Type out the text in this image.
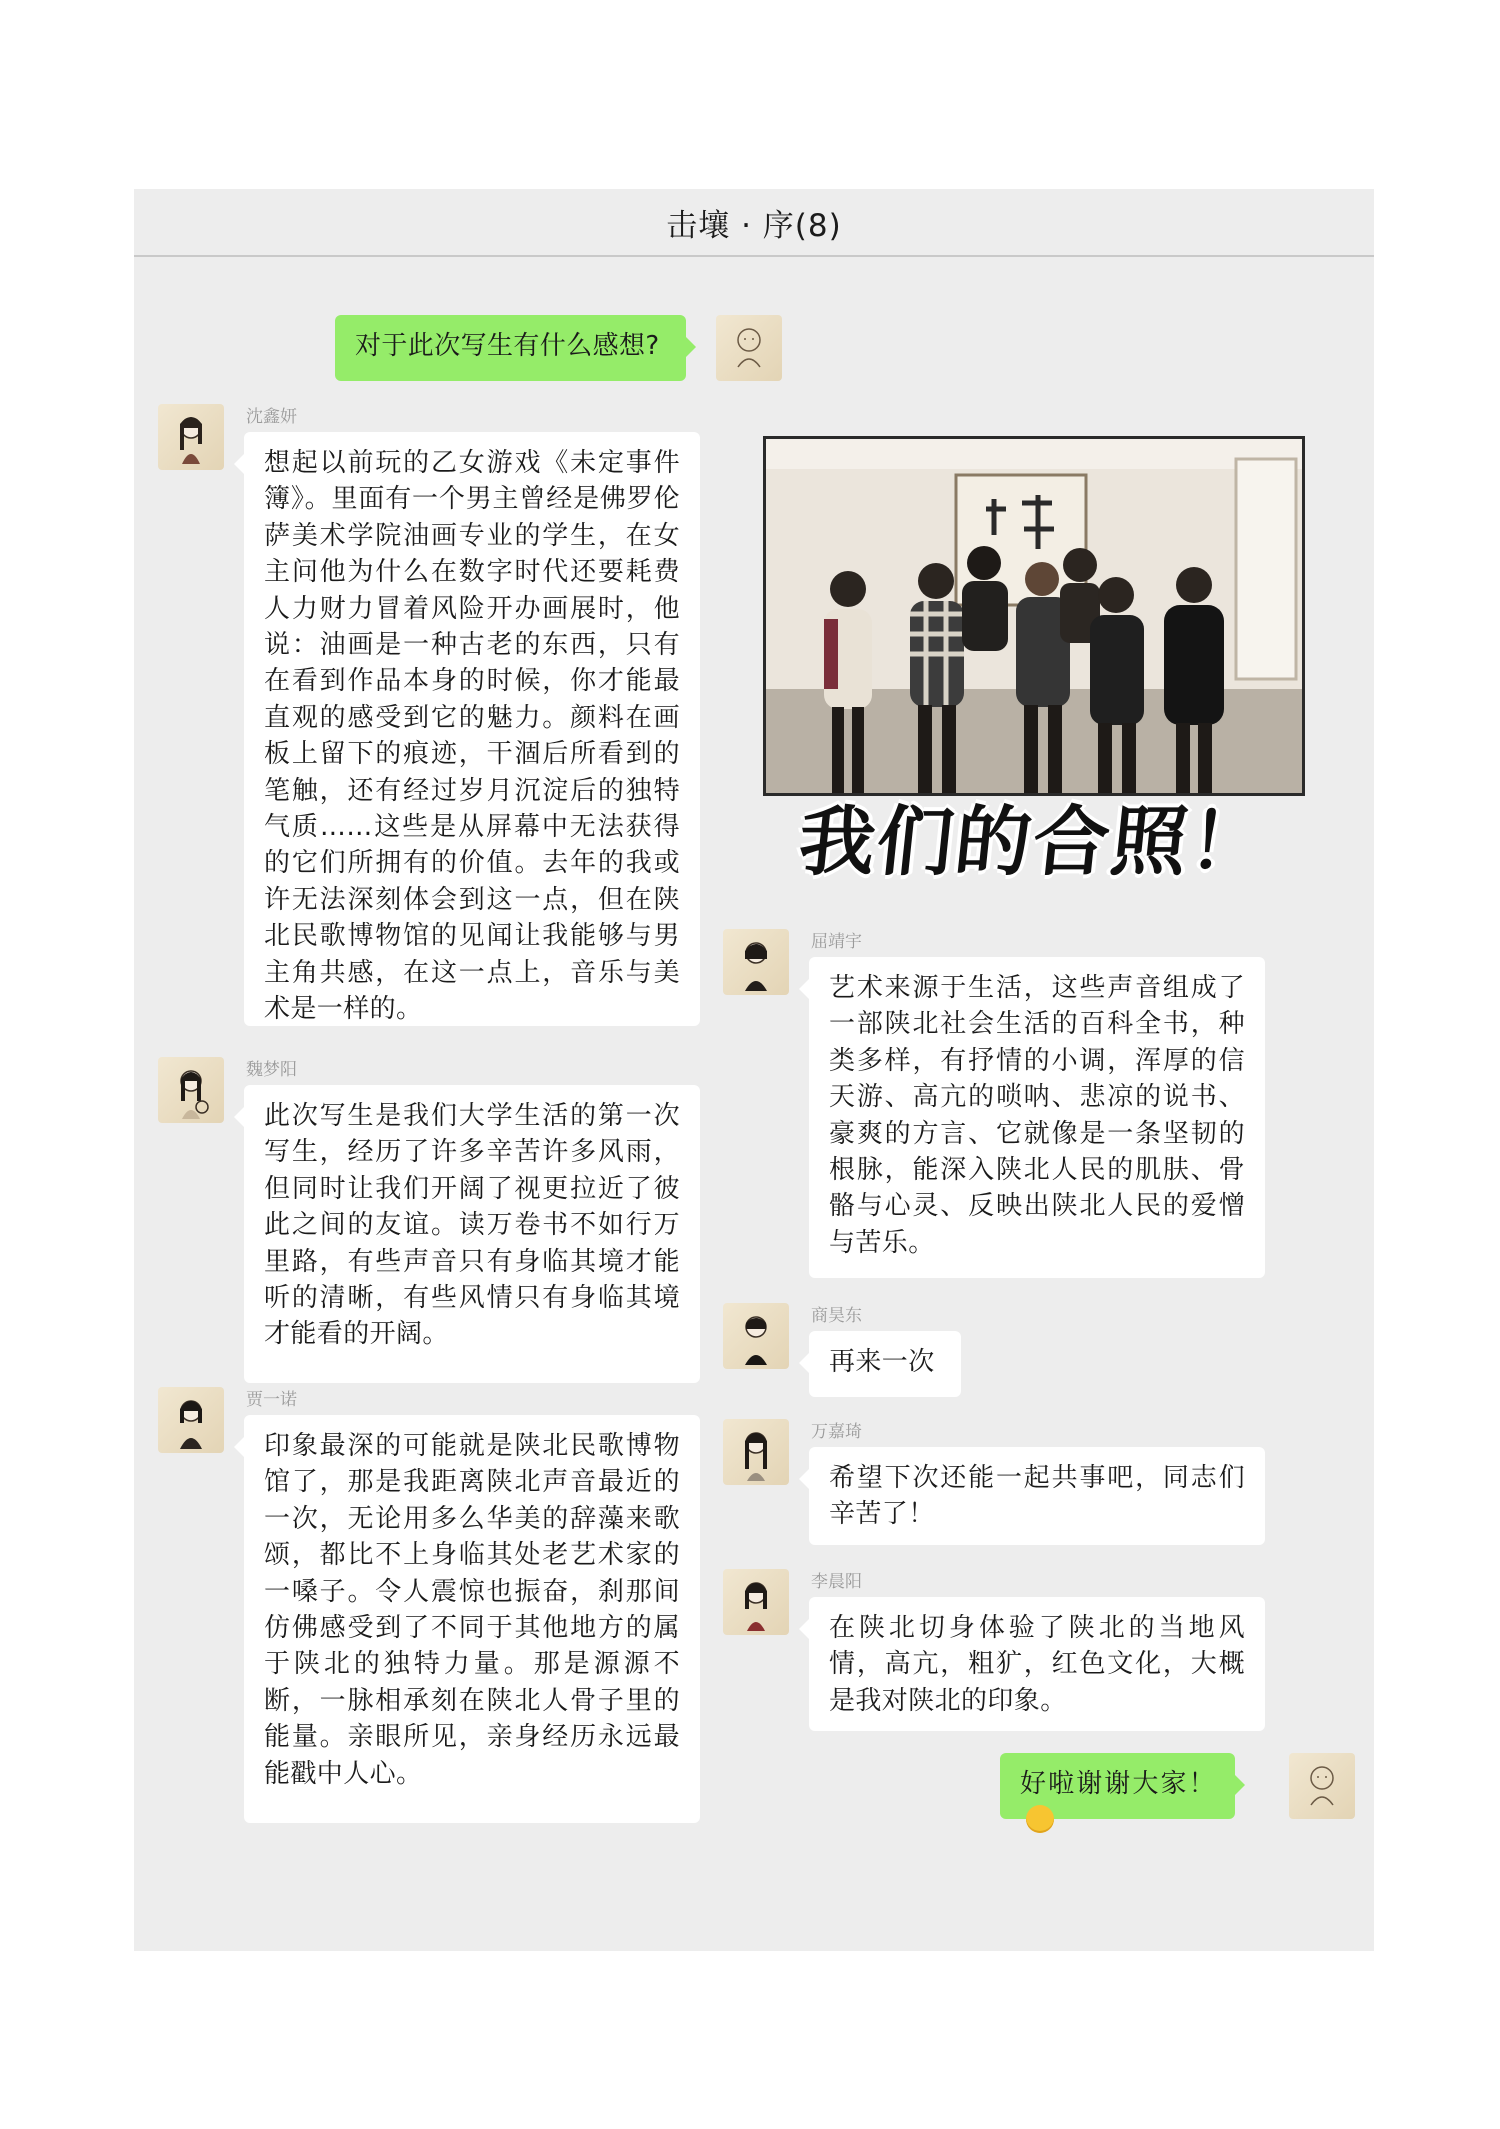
击壤 · 序(8)
对于此次写生有什么感想?
沈鑫妍
想起以前玩的乙女游戏《未定事件簿》。里面有一个男主曾经是佛罗伦萨美术学院油画专业的学生，在女主问他为什么在数字时代还要耗费人力财力冒着风险开办画展时，他说：油画是一种古老的东西，只有在看到作品本身的时候，你才能最直观的感受到它的魅力。颜料在画板上留下的痕迹，干涸后所看到的笔触，还有经过岁月沉淀后的独特气质……这些是从屏幕中无法获得的它们所拥有的价值。去年的我或许无法深刻体会到这一点，但在陕北民歌博物馆的见闻让我能够与男主角共感，在这一点上，音乐与美术是一样的。
魏梦阳
此次写生是我们大学生活的第一次写生，经历了许多辛苦许多风雨，但同时让我们开阔了视更拉近了彼此之间的友谊。读万卷书不如行万里路，有些声音只有身临其境才能听的清晰，有些风情只有身临其境才能看的开阔。
贾一诺
印象最深的可能就是陕北民歌博物馆了，那是我距离陕北声音最近的一次，无论用多么华美的辞藻来歌颂，都比不上身临其处老艺术家的一嗓子。令人震惊也振奋，刹那间仿佛感受到了不同于其他地方的属于陕北的独特力量。那是源源不断，一脉相承刻在陕北人骨子里的能量。亲眼所见，亲身经历永远最能戳中人心。
我们的合照！
屈靖宇
艺术来源于生活，这些声音组成了一部陕北社会生活的百科全书，种类多样，有抒情的小调，浑厚的信天游、高亢的唢呐、悲凉的说书、豪爽的方言、它就像是一条坚韧的根脉，能深入陕北人民的肌肤、骨骼与心灵、反映出陕北人民的爱憎与苦乐。
商昊东
再来一次
万嘉琦
希望下次还能一起共事吧，同志们辛苦了！
李晨阳
在陕北切身体验了陕北的当地风情，高亢，粗犷，红色文化，大概是我对陕北的印象。
好啦谢谢大家！
